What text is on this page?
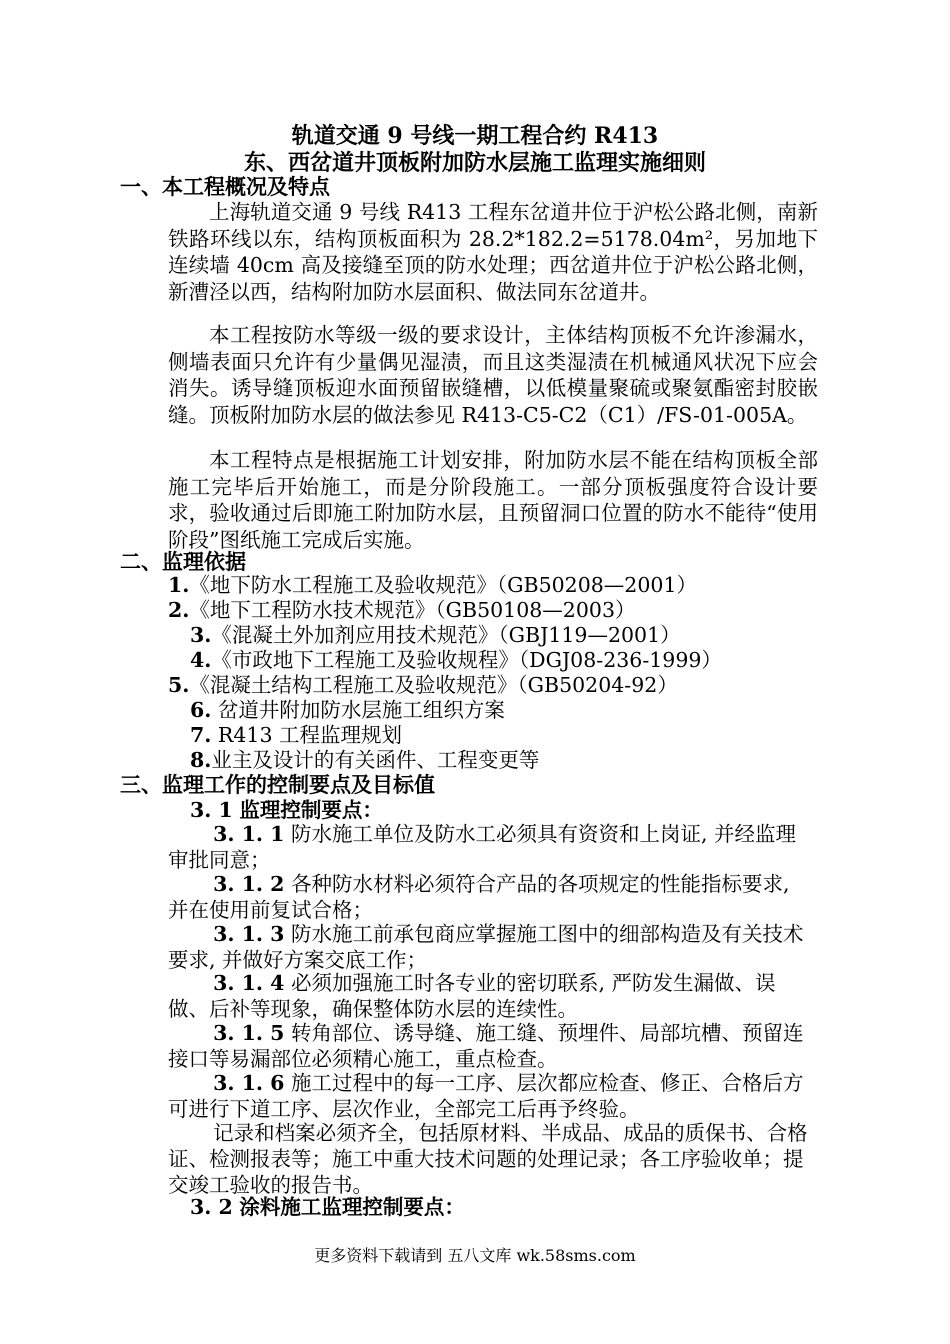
轨道交通 9 号线一期工程合约 R413
东、西岔道井顶板附加防水层施工监理实施细则
一、本工程概况及特点
上海轨道交通 9 号线 R413 工程东岔道井位于沪松公路北侧，南新铁路环线以东，结构顶板面积为 28.2*182.2=5178.04m²，另加地下连续墙 40cm 高及接缝至顶的防水处理；西岔道井位于沪松公路北侧，新漕泾以西，结构附加防水层面积、做法同东岔道井。
本工程按防水等级一级的要求设计，主体结构顶板不允许渗漏水，侧墙表面只允许有少量偶见湿渍，而且这类湿渍在机械通风状况下应会消失。诱导缝顶板迎水面预留嵌缝槽，以低模量聚硫或聚氨酯密封胶嵌缝。顶板附加防水层的做法参见 R413-C5-C2（C1）/FS-01-005A。
本工程特点是根据施工计划安排，附加防水层不能在结构顶板全部施工完毕后开始施工，而是分阶段施工。一部分顶板强度符合设计要求，验收通过后即施工附加防水层，且预留洞口位置的防水不能待“使用阶段”图纸施工完成后实施。
二、监理依据
1.《地下防水工程施工及验收规范》（GB50208—2001）
2.《地下工程防水技术规范》（GB50108—2003）
3.《混凝土外加剂应用技术规范》（GBJ119—2001）
4.《市政地下工程施工及验收规程》（DGJ08-236-1999）
5.《混凝土结构工程施工及验收规范》（GB50204-92）
6. 岔道井附加防水层施工组织方案
7. R413 工程监理规划
8.业主及设计的有关函件、工程变更等
三、监理工作的控制要点及目标值
3. 1 监理控制要点：
3. 1. 1 防水施工单位及防水工必须具有资资和上岗证, 并经监理审批同意；
3. 1. 2 各种防水材料必须符合产品的各项规定的性能指标要求, 并在使用前复试合格；
3. 1. 3 防水施工前承包商应掌握施工图中的细部构造及有关技术要求, 并做好方案交底工作；
3. 1. 4 必须加强施工时各专业的密切联系, 严防发生漏做、误做、后补等现象，确保整体防水层的连续性。
3. 1. 5 转角部位、诱导缝、施工缝、预埋件、局部坑槽、预留连接口等易漏部位必须精心施工，重点检查。
3. 1. 6 施工过程中的每一工序、层次都应检查、修正、合格后方可进行下道工序、层次作业，全部完工后再予终验。
记录和档案必须齐全，包括原材料、半成品、成品的质保书、合格证、检测报表等；施工中重大技术问题的处理记录；各工序验收单；提交竣工验收的报告书。
3. 2 涂料施工监理控制要点：
更多资料下载请到 五八文库 wk.58sms.com
